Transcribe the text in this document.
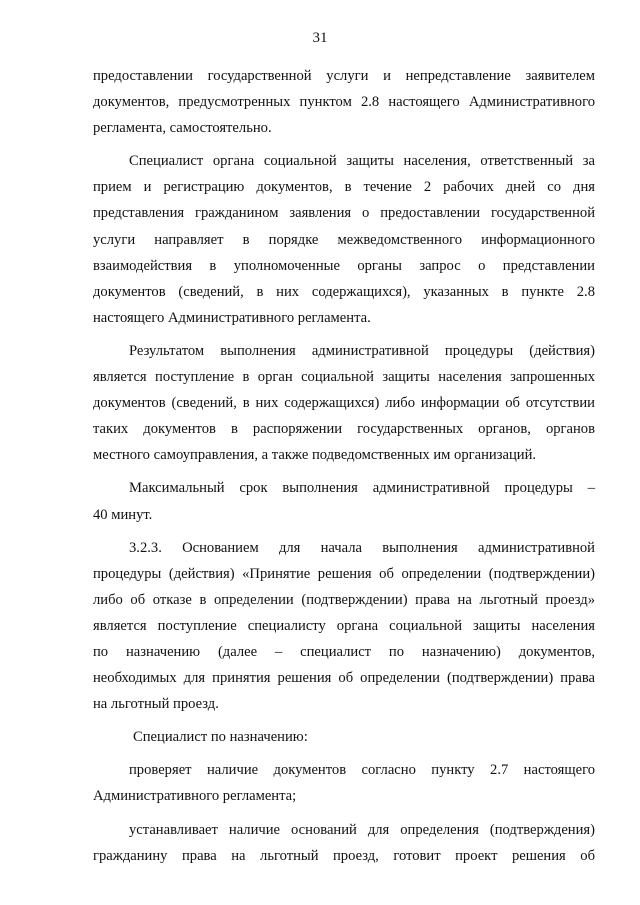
31
предоставлении государственной услуги и непредставление заявителем
документов, предусмотренных пунктом 2.8 настоящего Административного
регламента, самостоятельно.
Специалист органа социальной защиты населения, ответственный за
прием и регистрацию документов, в течение 2 рабочих дней со дня
представления гражданином заявления о предоставлении государственной
услуги направляет в порядке межведомственного информационного
взаимодействия в уполномоченные органы запрос о представлении
документов (сведений, в них содержащихся), указанных в пункте 2.8
настоящего Административного регламента.
Результатом выполнения административной процедуры (действия)
является поступление в орган социальной защиты населения запрошенных
документов (сведений, в них содержащихся) либо информации об отсутствии
таких документов в распоряжении государственных органов, органов
местного самоуправления, а также подведомственных им организаций.
Максимальный срок выполнения административной процедуры –
40 минут.
3.2.3. Основанием для начала выполнения административной
процедуры (действия) «Принятие решения об определении (подтверждении)
либо об отказе в определении (подтверждении) права на льготный проезд»
является поступление специалисту органа социальной защиты населения
по назначению (далее – специалист по назначению) документов,
необходимых для принятия решения об определении (подтверждении) права
на льготный проезд.
Специалист по назначению:
проверяет наличие документов согласно пункту 2.7 настоящего
Административного регламента;
устанавливает наличие оснований для определения (подтверждения)
гражданину права на льготный проезд, готовит проект решения об
